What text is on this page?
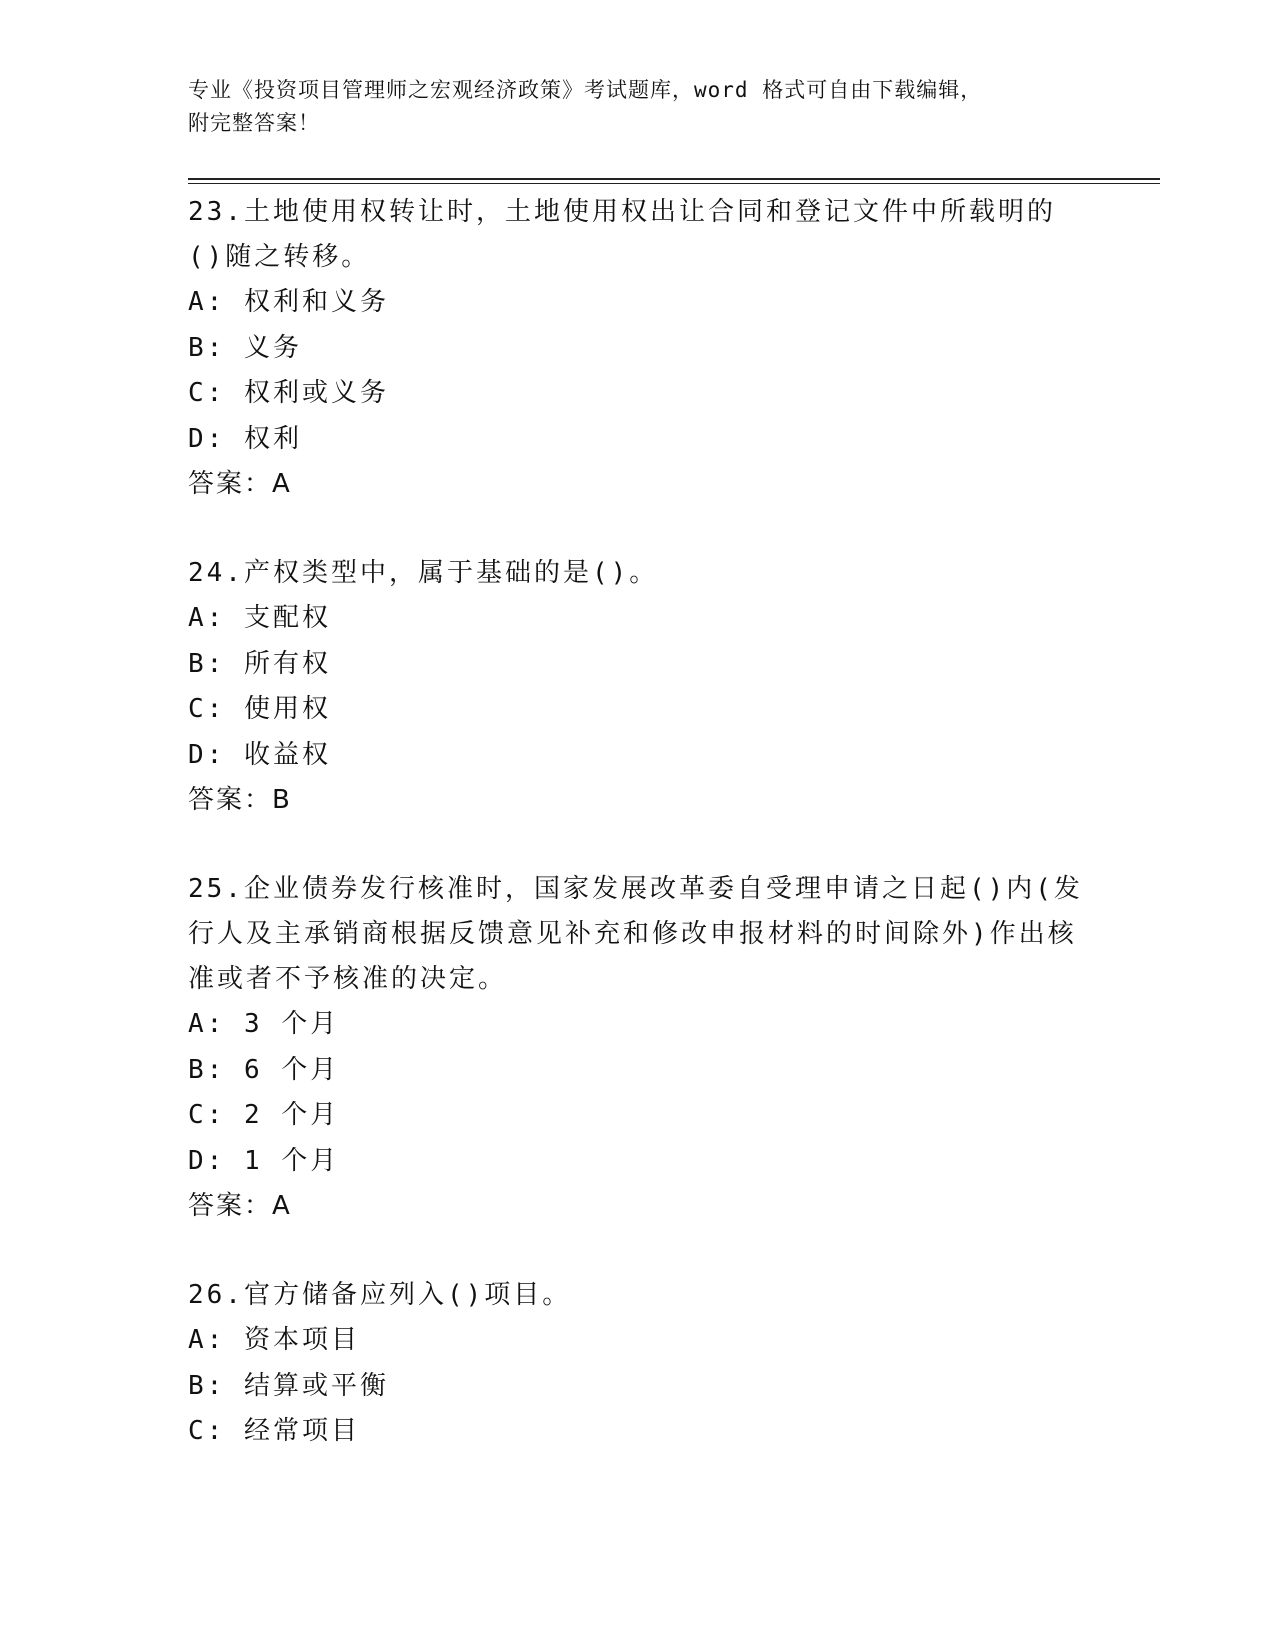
专业《投资项目管理师之宏观经济政策》考试题库，word 格式可自由下载编辑，
附完整答案！
23.土地使用权转让时，土地使用权出让合同和登记文件中所载明的()随之转移。
A: 权利和义务
B: 义务
C: 权利或义务
D: 权利
答案：A
24.产权类型中，属于基础的是()。
A: 支配权
B: 所有权
C: 使用权
D: 收益权
答案：B
25.企业债券发行核准时，国家发展改革委自受理申请之日起()内(发行人及主承销商根据反馈意见补充和修改申报材料的时间除外)作出核准或者不予核准的决定。
A: 3 个月
B: 6 个月
C: 2 个月
D: 1 个月
答案：A
26.官方储备应列入()项目。
A: 资本项目
B: 结算或平衡
C: 经常项目
